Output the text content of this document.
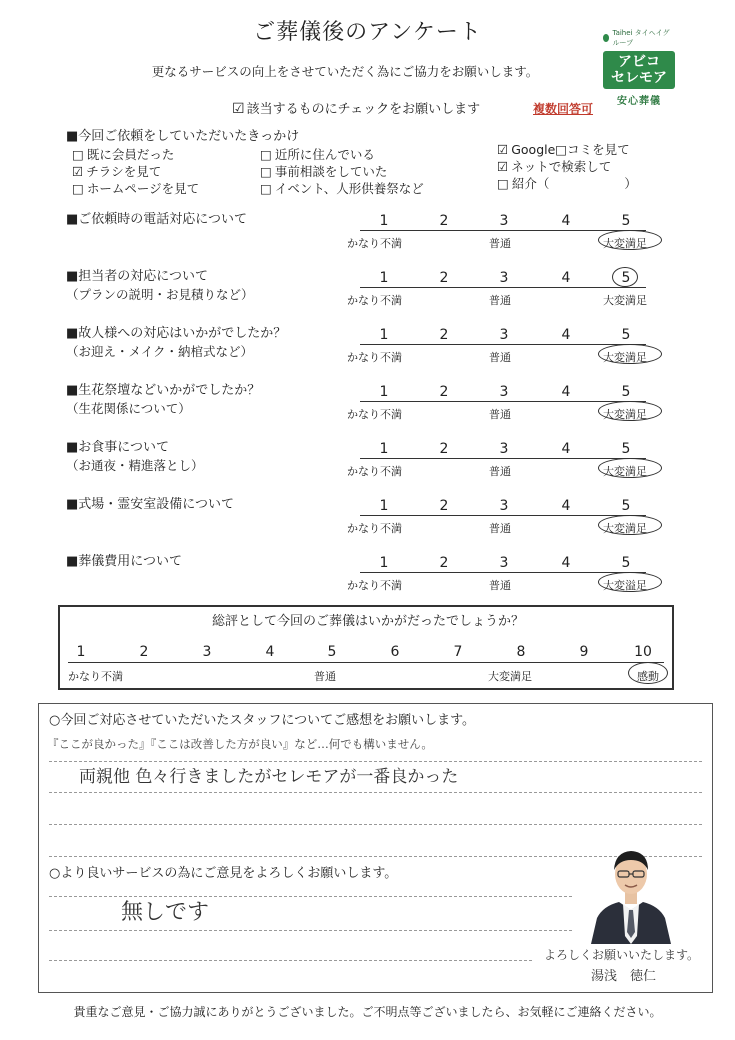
ご葬儀後のアンケート
更なるサービスの向上をさせていただく為にご協力をお願いします。
☑ 該当するものにチェックをお願いします	複数回答可
Taihei タイヘイグループ
アビコ
セレモア
安心葬儀
■今回ご依頼をしていただいたきっかけ
□ 既に会員だった
☑ チラシを見て
□ ホームページを見て
□ 近所に住んでいる
□ 事前相談をしていた
□ イベント、人形供養祭など
☑ Google□コミを見て
☑ ネットで検索して
□ 紹介（　　　　　　）
■ご依頼時の電話対応について	1	2	3	4	5
かなり不満	普通	大変満足
■担当者の対応について
（プランの説明・お見積りなど）
1	2	3	4	5
かなり不満	普通	大変満足
■故人様への対応はいかがでしたか？
（お迎え・メイク・納棺式など）
1	2	3	4	5
かなり不満	普通	大変満足
■生花祭壇などいかがでしたか？
（生花関係について）
1	2	3	4	5
かなり不満	普通	大変満足
■お食事について
（お通夜・精進落とし）
1	2	3	4	5
かなり不満	普通	大変満足
■式場・霊安室設備について	1	2	3	4	5
かなり不満	普通	大変満足
■葬儀費用について	1	2	3	4	5
かなり不満	普通	大変溢足
総評として今回のご葬儀はいかがだったでしょうか？
1	2	3	4	5	6	7	8	9	10
かなり不満	普通	大変満足	感動
○今回ご対応させていただいたスタッフについてご感想をお願いします。
『ここが良かった』『ここは改善した方が良い』など…何でも構いません。
両親他 色々行きましたがセレモアが一番良かった
○より良いサービスの為にご意見をよろしくお願いします。
無しです
よろしくお願いいたします。
湯浅　徳仁
貴重なご意見・ご協力誠にありがとうございました。ご不明点等ございましたら、お気軽にご連絡ください。
